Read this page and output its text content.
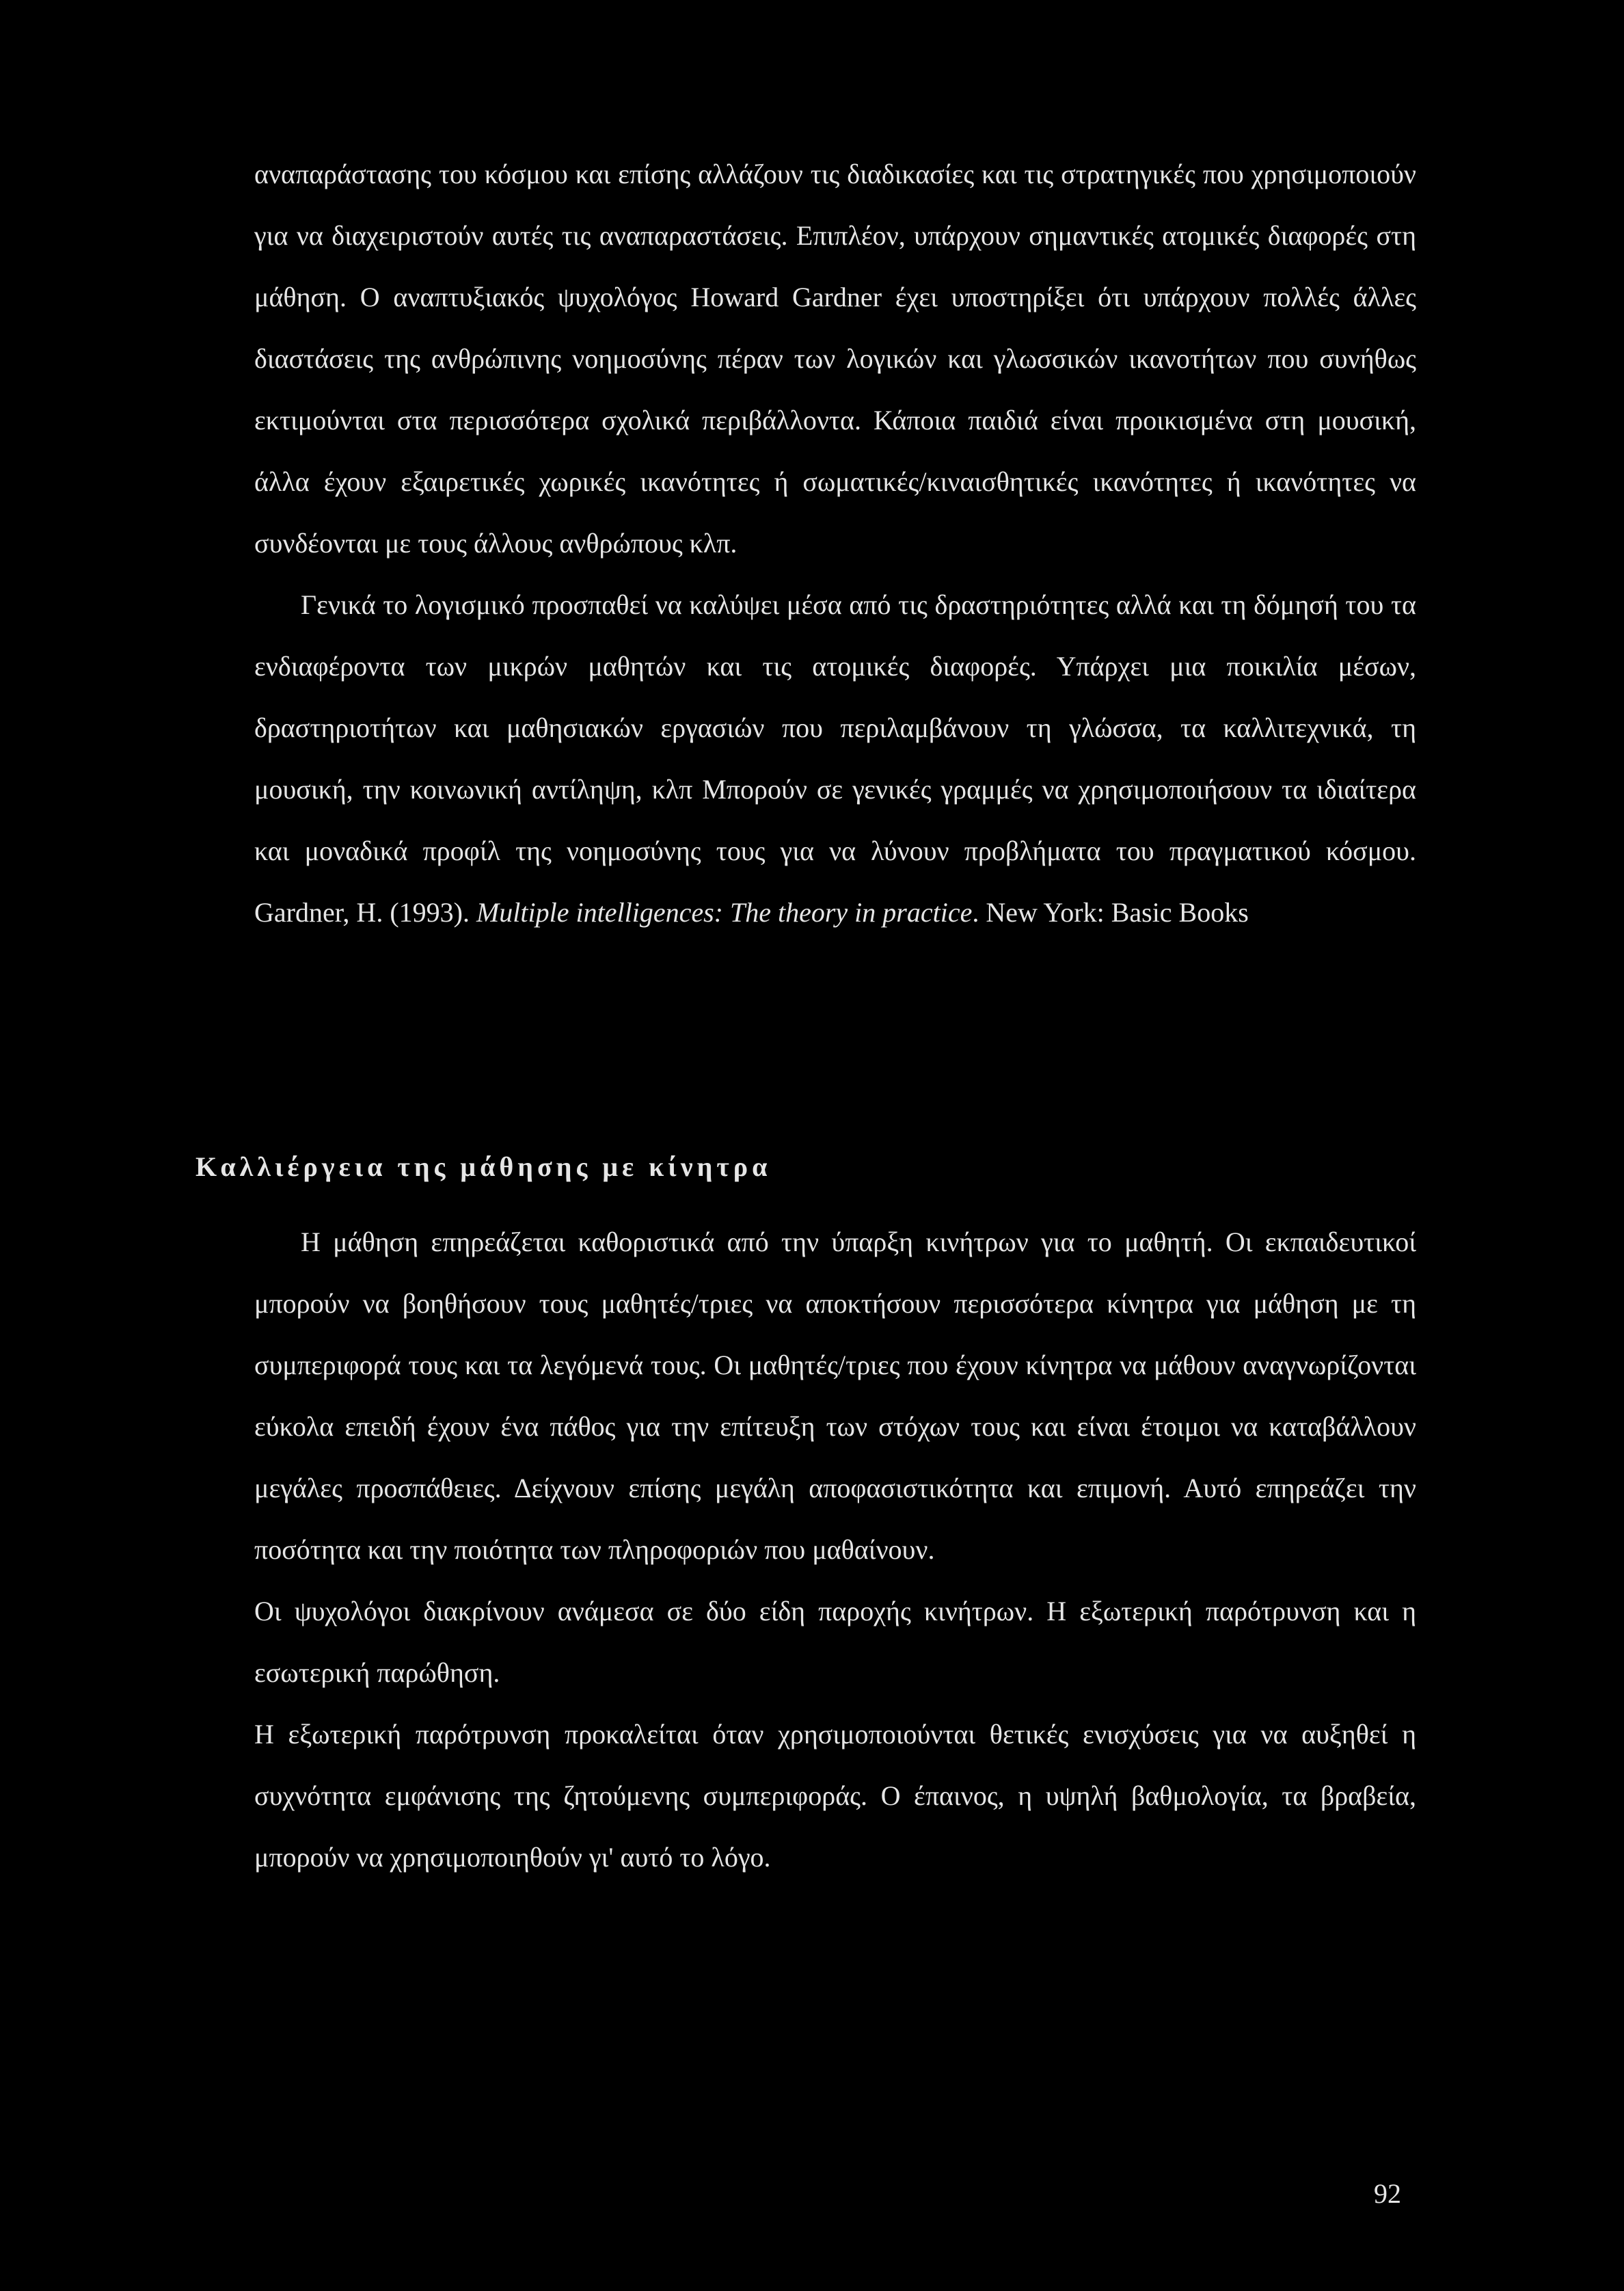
αναπαράστασης του κόσμου και επίσης αλλάζουν τις διαδικασίες και τις στρατηγικές που χρησιμοποιούν για να διαχειριστούν αυτές τις αναπαραστάσεις. Επιπλέον, υπάρχουν σημαντικές ατομικές διαφορές στη μάθηση. Ο αναπτυξιακός ψυχολόγος Howard Gardner έχει υποστηρίξει ότι υπάρχουν πολλές άλλες διαστάσεις της ανθρώπινης νοημοσύνης πέραν των λογικών και γλωσσικών ικανοτήτων που συνήθως εκτιμούνται στα περισσότερα σχολικά περιβάλλοντα. Κάποια παιδιά είναι προικισμένα στη μουσική, άλλα έχουν εξαιρετικές χωρικές ικανότητες ή σωματικές/κιναισθητικές ικανότητες ή ικανότητες να συνδέονται με τους άλλους ανθρώπους κλπ.

Γενικά το λογισμικό προσπαθεί να καλύψει μέσα από τις δραστηριότητες αλλά και τη δόμησή του τα ενδιαφέροντα των μικρών μαθητών και τις ατομικές διαφορές. Υπάρχει μια ποικιλία μέσων, δραστηριοτήτων και μαθησιακών εργασιών που περιλαμβάνουν τη γλώσσα, τα καλλιτεχνικά, τη μουσική, την κοινωνική αντίληψη, κλπ Μπορούν σε γενικές γραμμές να χρησιμοποιήσουν τα ιδιαίτερα και μοναδικά προφίλ της νοημοσύνης τους για να λύνουν προβλήματα του πραγματικού κόσμου. Gardner, H. (1993). Multiple intelligences: The theory in practice. New York: Basic Books

Καλλιέργεια της μάθησης με κίνητρα

Η μάθηση επηρεάζεται καθοριστικά από την ύπαρξη κινήτρων για το μαθητή. Οι εκπαιδευτικοί μπορούν να βοηθήσουν τους μαθητές/τριες να αποκτήσουν περισσότερα κίνητρα για μάθηση με τη συμπεριφορά τους και τα λεγόμενά τους. Οι μαθητές/τριες που έχουν κίνητρα να μάθουν αναγνωρίζονται εύκολα επειδή έχουν ένα πάθος για την επίτευξη των στόχων τους και είναι έτοιμοι να καταβάλλουν μεγάλες προσπάθειες. Δείχνουν επίσης μεγάλη αποφασιστικότητα και επιμονή. Αυτό επηρεάζει την ποσότητα και την ποιότητα των πληροφοριών που μαθαίνουν.

Οι ψυχολόγοι διακρίνουν ανάμεσα σε δύο είδη παροχής κινήτρων. Η εξωτερική παρότρυνση και η εσωτερική παρώθηση.

Η εξωτερική παρότρυνση προκαλείται όταν χρησιμοποιούνται θετικές ενισχύσεις για να αυξηθεί η συχνότητα εμφάνισης της ζητούμενης συμπεριφοράς. Ο έπαινος, η υψηλή βαθμολογία, τα βραβεία, μπορούν να χρησιμοποιηθούν γι' αυτό το λόγο.

92
